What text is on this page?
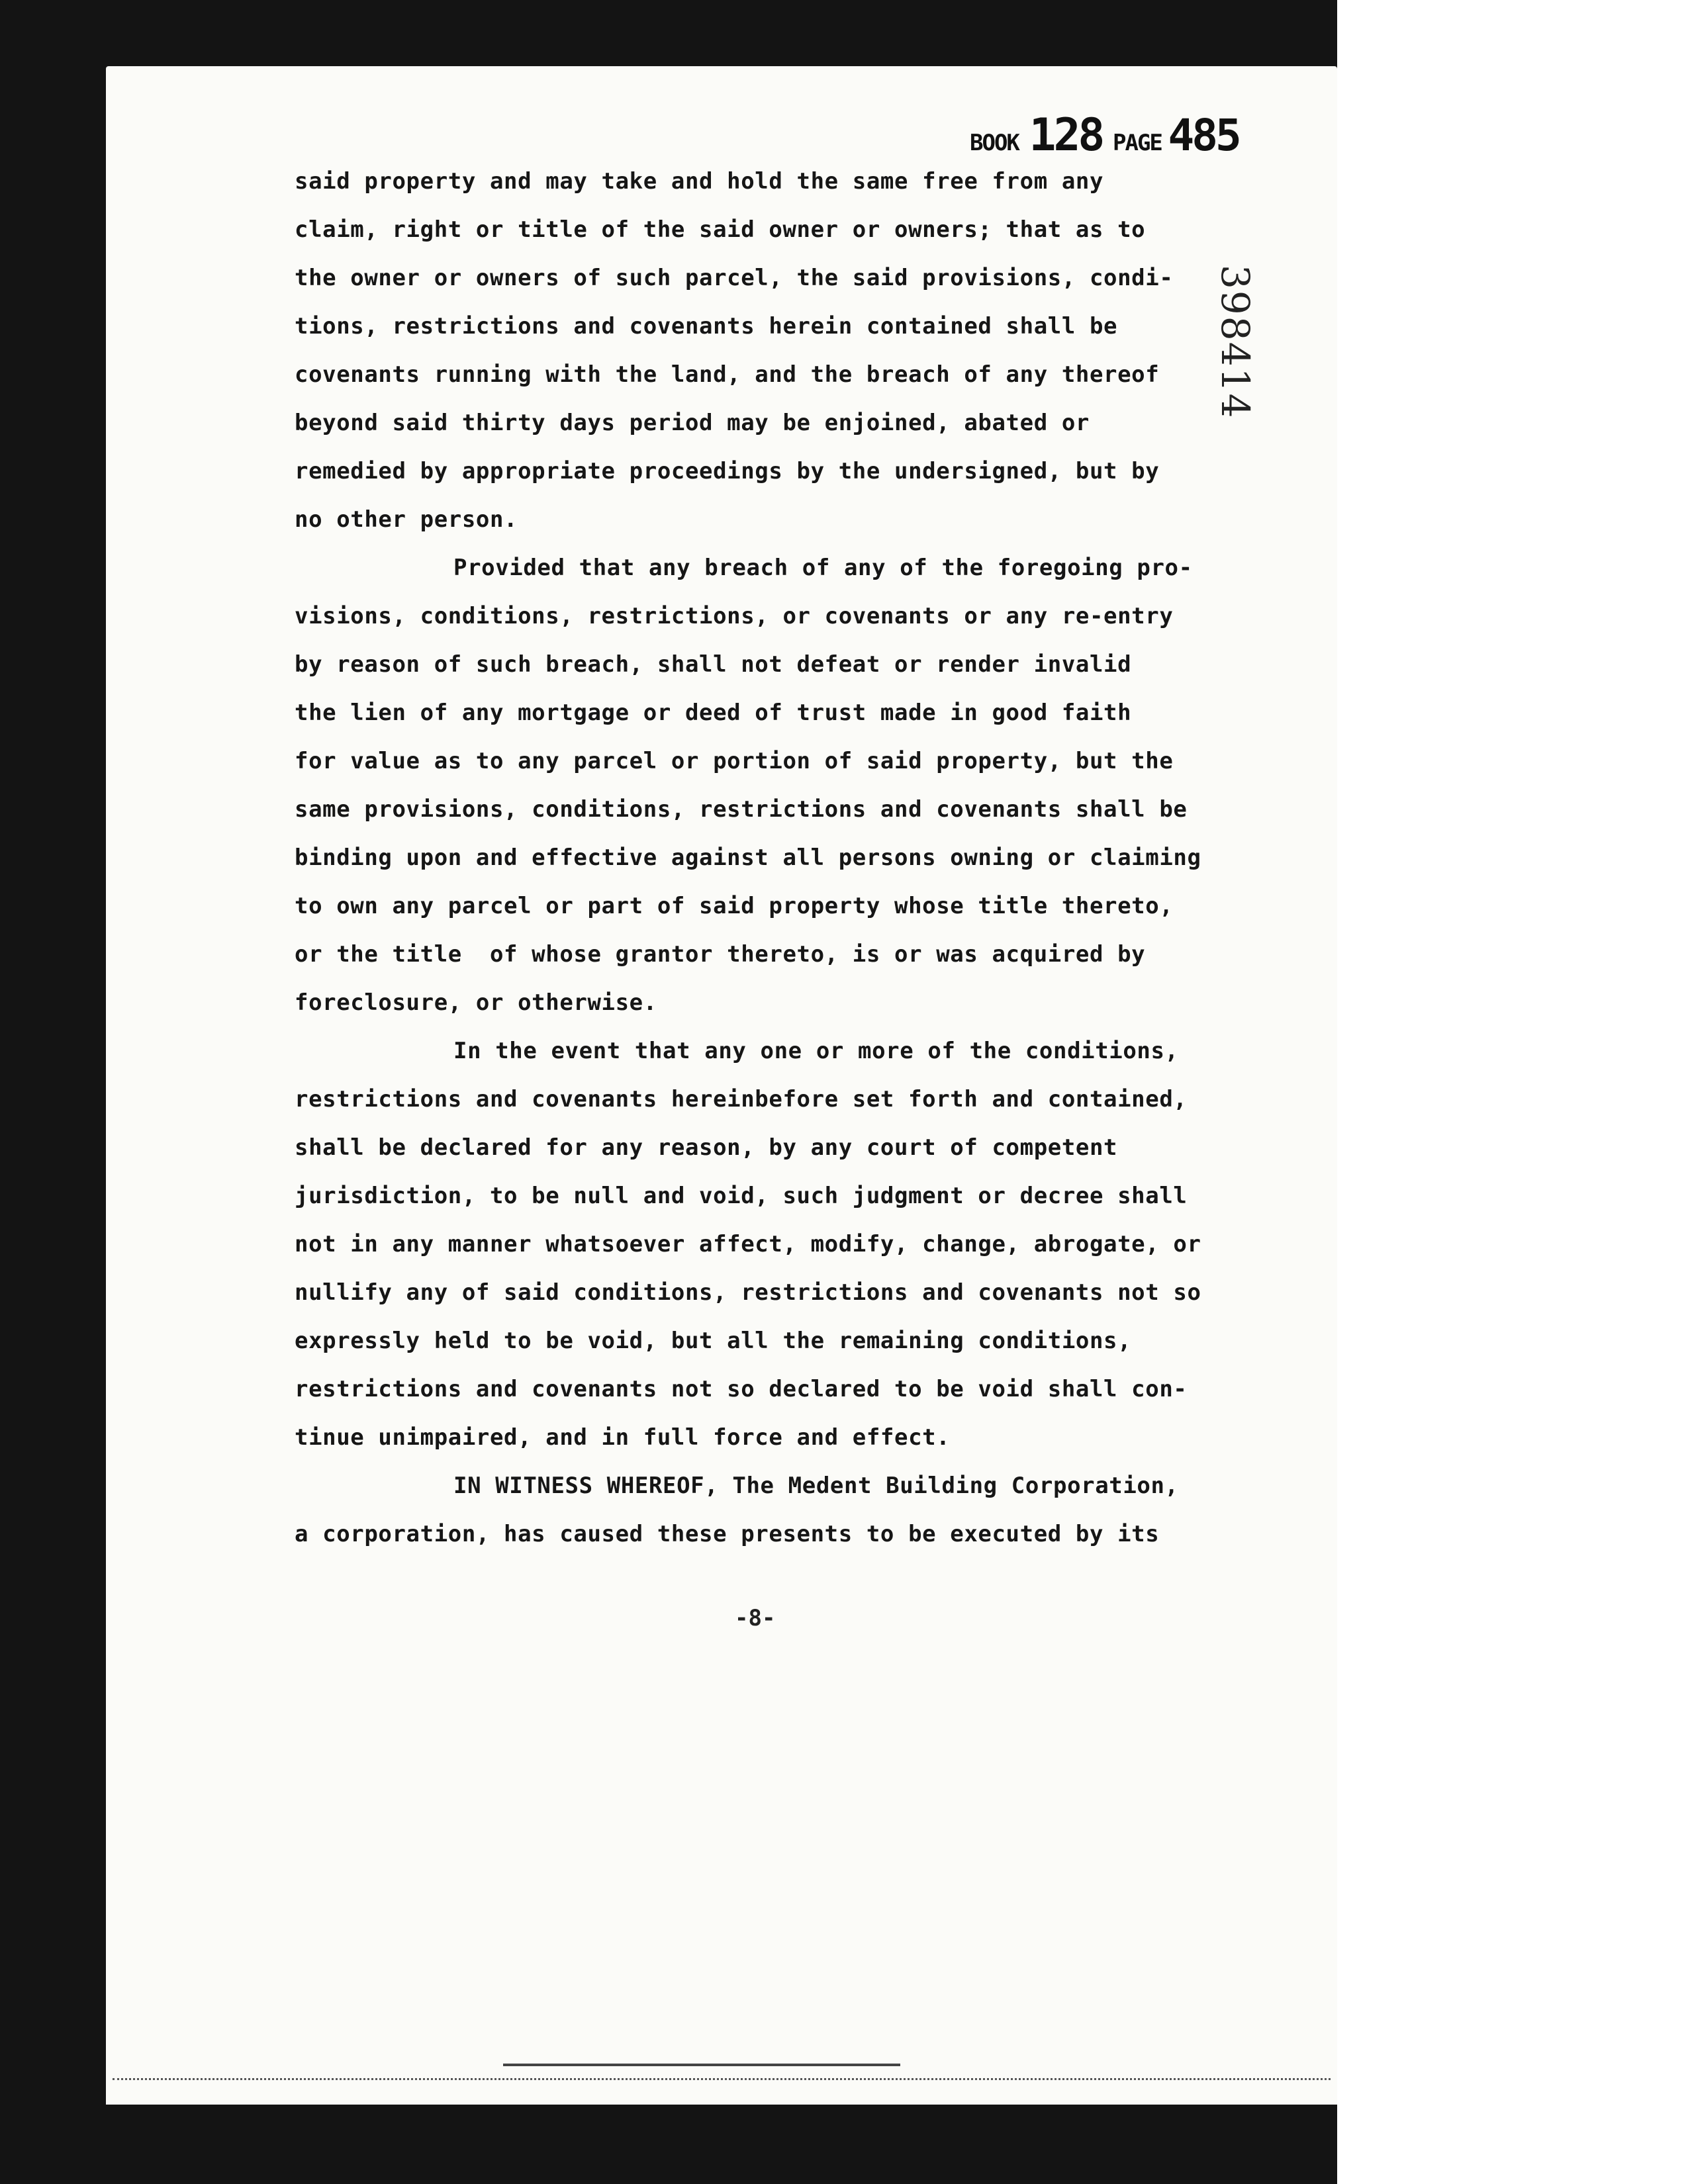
BOOK 128 PAGE 485
398414
said property and may take and hold the same free from any
claim, right or title of the said owner or owners; that as to
the owner or owners of such parcel, the said provisions, condi-
tions, restrictions and covenants herein contained shall be
covenants running with the land, and the breach of any thereof
beyond said thirty days period may be enjoined, abated or
remedied by appropriate proceedings by the undersigned, but by
no other person.
Provided that any breach of any of the foregoing pro-
visions, conditions, restrictions, or covenants or any re-entry
by reason of such breach, shall not defeat or render invalid
the lien of any mortgage or deed of trust made in good faith
for value as to any parcel or portion of said property, but the
same provisions, conditions, restrictions and covenants shall be
binding upon and effective against all persons owning or claiming
to own any parcel or part of said property whose title thereto,
or the title  of whose grantor thereto, is or was acquired by
foreclosure, or otherwise.
In the event that any one or more of the conditions,
restrictions and covenants hereinbefore set forth and contained,
shall be declared for any reason, by any court of competent
jurisdiction, to be null and void, such judgment or decree shall
not in any manner whatsoever affect, modify, change, abrogate, or
nullify any of said conditions, restrictions and covenants not so
expressly held to be void, but all the remaining conditions,
restrictions and covenants not so declared to be void shall con-
tinue unimpaired, and in full force and effect.
IN WITNESS WHEREOF, The Medent Building Corporation,
a corporation, has caused these presents to be executed by its
-8-
